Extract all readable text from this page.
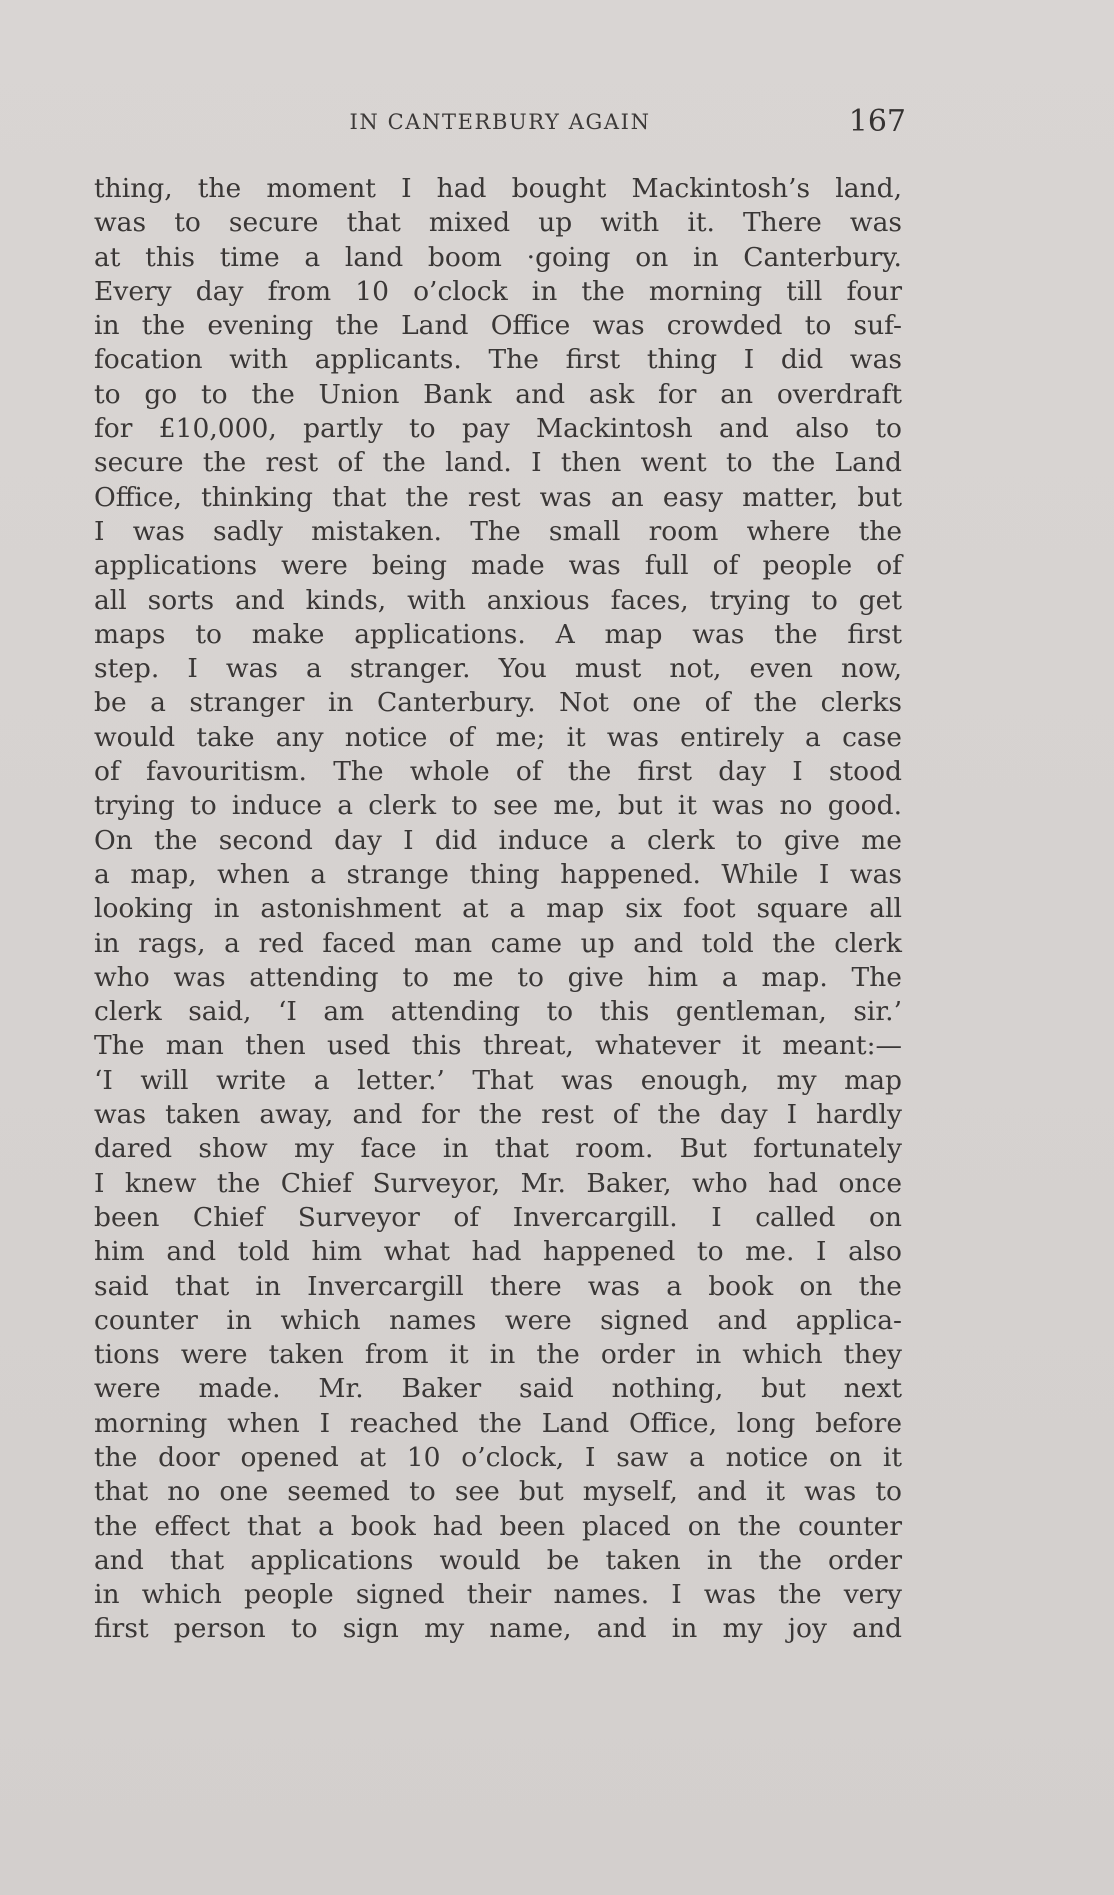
IN CANTERBURY AGAIN	167
thing, the moment I had bought Mackintosh’s land,
was to secure that mixed up with it. There was
at this time a land boom ·going on in Canterbury.
Every day from 10 o’clock in the morning till four
in the evening the Land Office was crowded to suf-
focation with applicants. The first thing I did was
to go to the Union Bank and ask for an overdraft
for £10,000, partly to pay Mackintosh and also to
secure the rest of the land. I then went to the Land
Office, thinking that the rest was an easy matter, but
I was sadly mistaken. The small room where the
applications were being made was full of people of
all sorts and kinds, with anxious faces, trying to get
maps to make applications. A map was the first
step. I was a stranger. You must not, even now,
be a stranger in Canterbury. Not one of the clerks
would take any notice of me; it was entirely a case
of favouritism. The whole of the first day I stood
trying to induce a clerk to see me, but it was no good.
On the second day I did induce a clerk to give me
a map, when a strange thing happened. While I was
looking in astonishment at a map six foot square all
in rags, a red faced man came up and told the clerk
who was attending to me to give him a map. The
clerk said, ‘I am attending to this gentleman, sir.’
The man then used this threat, whatever it meant:—
‘I will write a letter.’ That was enough, my map
was taken away, and for the rest of the day I hardly
dared show my face in that room. But fortunately
I knew the Chief Surveyor, Mr. Baker, who had once
been Chief Surveyor of Invercargill. I called on
him and told him what had happened to me. I also
said that in Invercargill there was a book on the
counter in which names were signed and applica-
tions were taken from it in the order in which they
were made. Mr. Baker said nothing, but next
morning when I reached the Land Office, long before
the door opened at 10 o’clock, I saw a notice on it
that no one seemed to see but myself, and it was to
the effect that a book had been placed on the counter
and that applications would be taken in the order
in which people signed their names. I was the very
first person to sign my name, and in my joy and
